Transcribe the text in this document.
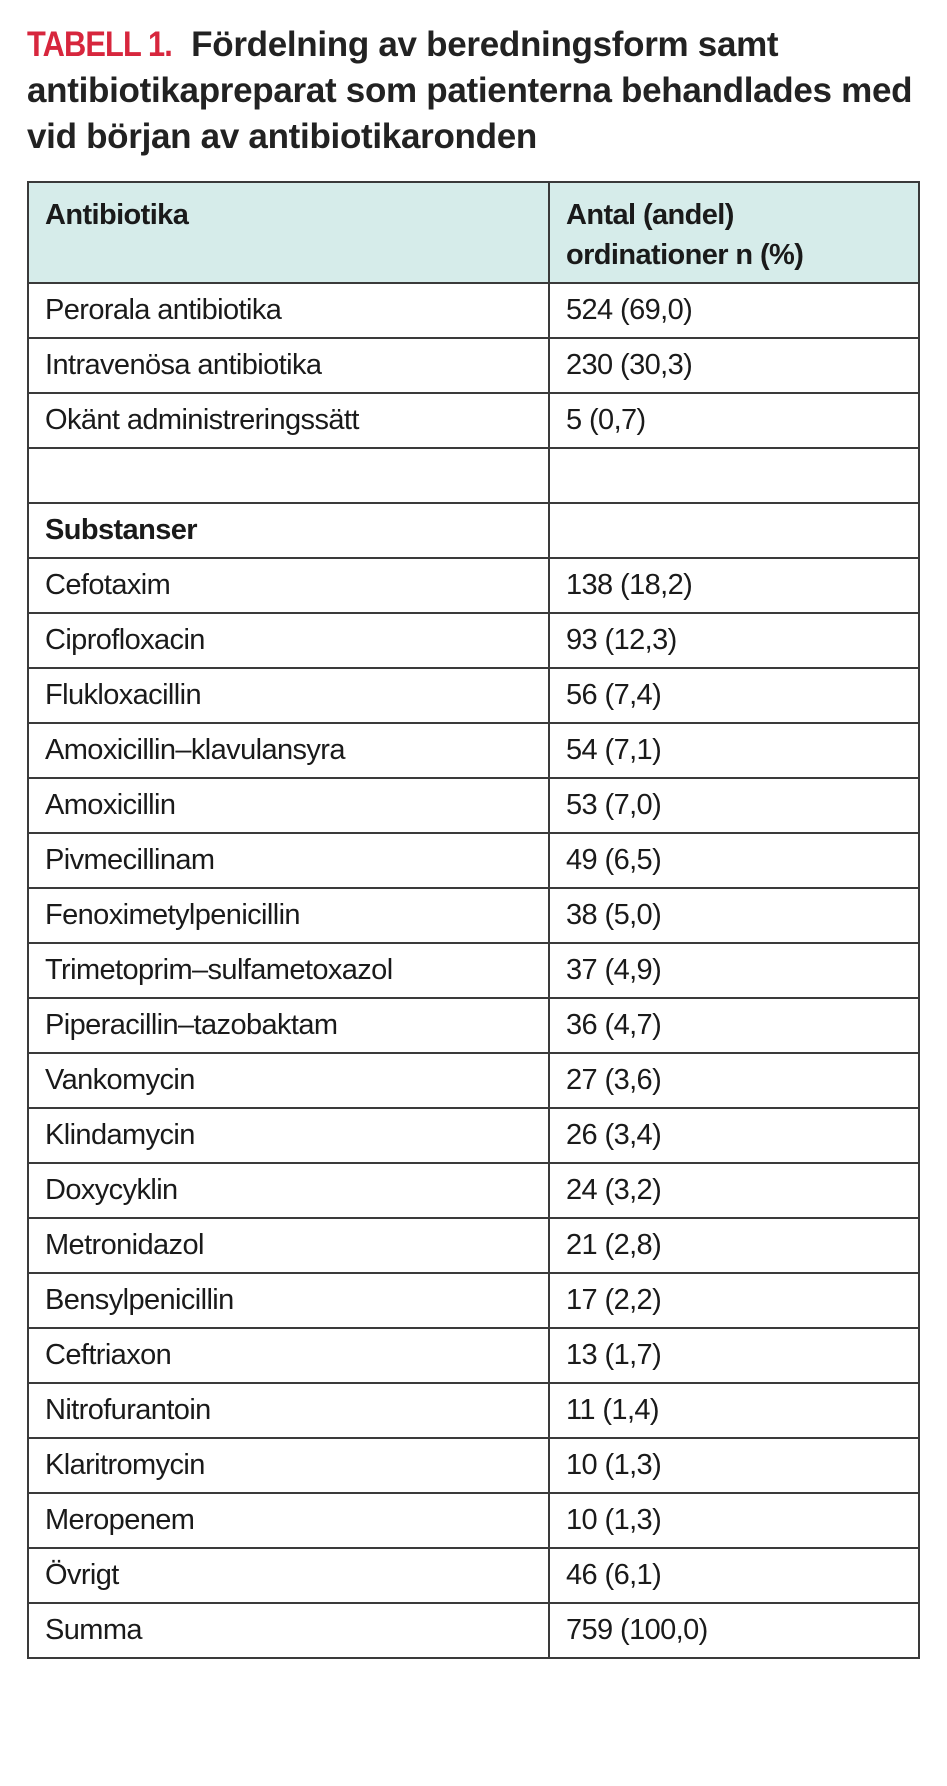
TABELL 1. Fördelning av beredningsform samt antibiotikapreparat som patienterna behandlades med vid början av antibiotikaronden
Antibiotika	Antal (andel) ordinationer n (%)
Perorala antibiotika	524 (69,0)
Intravenösa antibiotika	230 (30,3)
Okänt administreringssätt	5 (0,7)

Substanser	
Cefotaxim	138 (18,2)
Ciprofloxacin	93 (12,3)
Flukloxacillin	56 (7,4)
Amoxicillin–klavulansyra	54 (7,1)
Amoxicillin	53 (7,0)
Pivmecillinam	49 (6,5)
Fenoximetylpenicillin	38 (5,0)
Trimetoprim–sulfametoxazol	37 (4,9)
Piperacillin–tazobaktam	36 (4,7)
Vankomycin	27 (3,6)
Klindamycin	26 (3,4)
Doxycyklin	24 (3,2)
Metronidazol	21 (2,8)
Bensylpenicillin	17 (2,2)
Ceftriaxon	13 (1,7)
Nitrofurantoin	11 (1,4)
Klaritromycin	10 (1,3)
Meropenem	10 (1,3)
Övrigt	46 (6,1)
Summa	759 (100,0)
